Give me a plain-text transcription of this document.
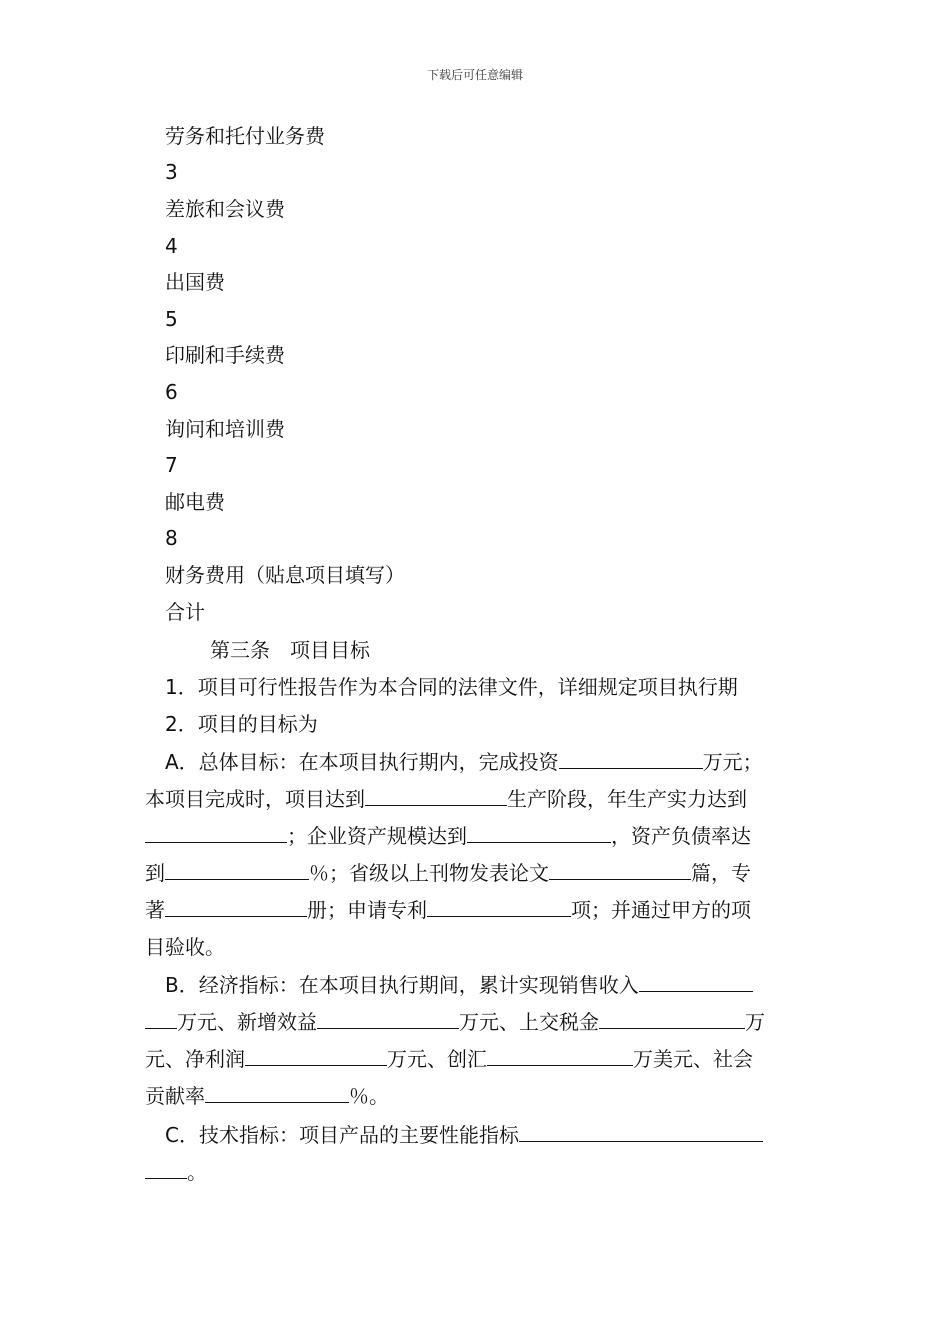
下载后可任意编辑
劳务和托付业务费
3
差旅和会议费
4
出国费
5
印刷和手续费
6
询问和培训费
7
邮电费
8
财务费用（贴息项目填写）
合计
第三条　项目目标
1．项目可行性报告作为本合同的法律文件，详细规定项目执行期
2．项目的目标为
A．总体目标：在本项目执行期内，完成投资	万元；
本项目完成时，项目达到	生产阶段，年生产实力达到
；企业资产规模达到	，资产负债率达
到	％；省级以上刊物发表论文	篇，专
著	册；申请专利	项；并通过甲方的项
目验收。
B．经济指标：在本项目执行期间，累计实现销售收入
万元、新增效益	万元、上交税金	万
元、净利润	万元、创汇	万美元、社会
贡献率	％。
C．技术指标：项目产品的主要性能指标
。
